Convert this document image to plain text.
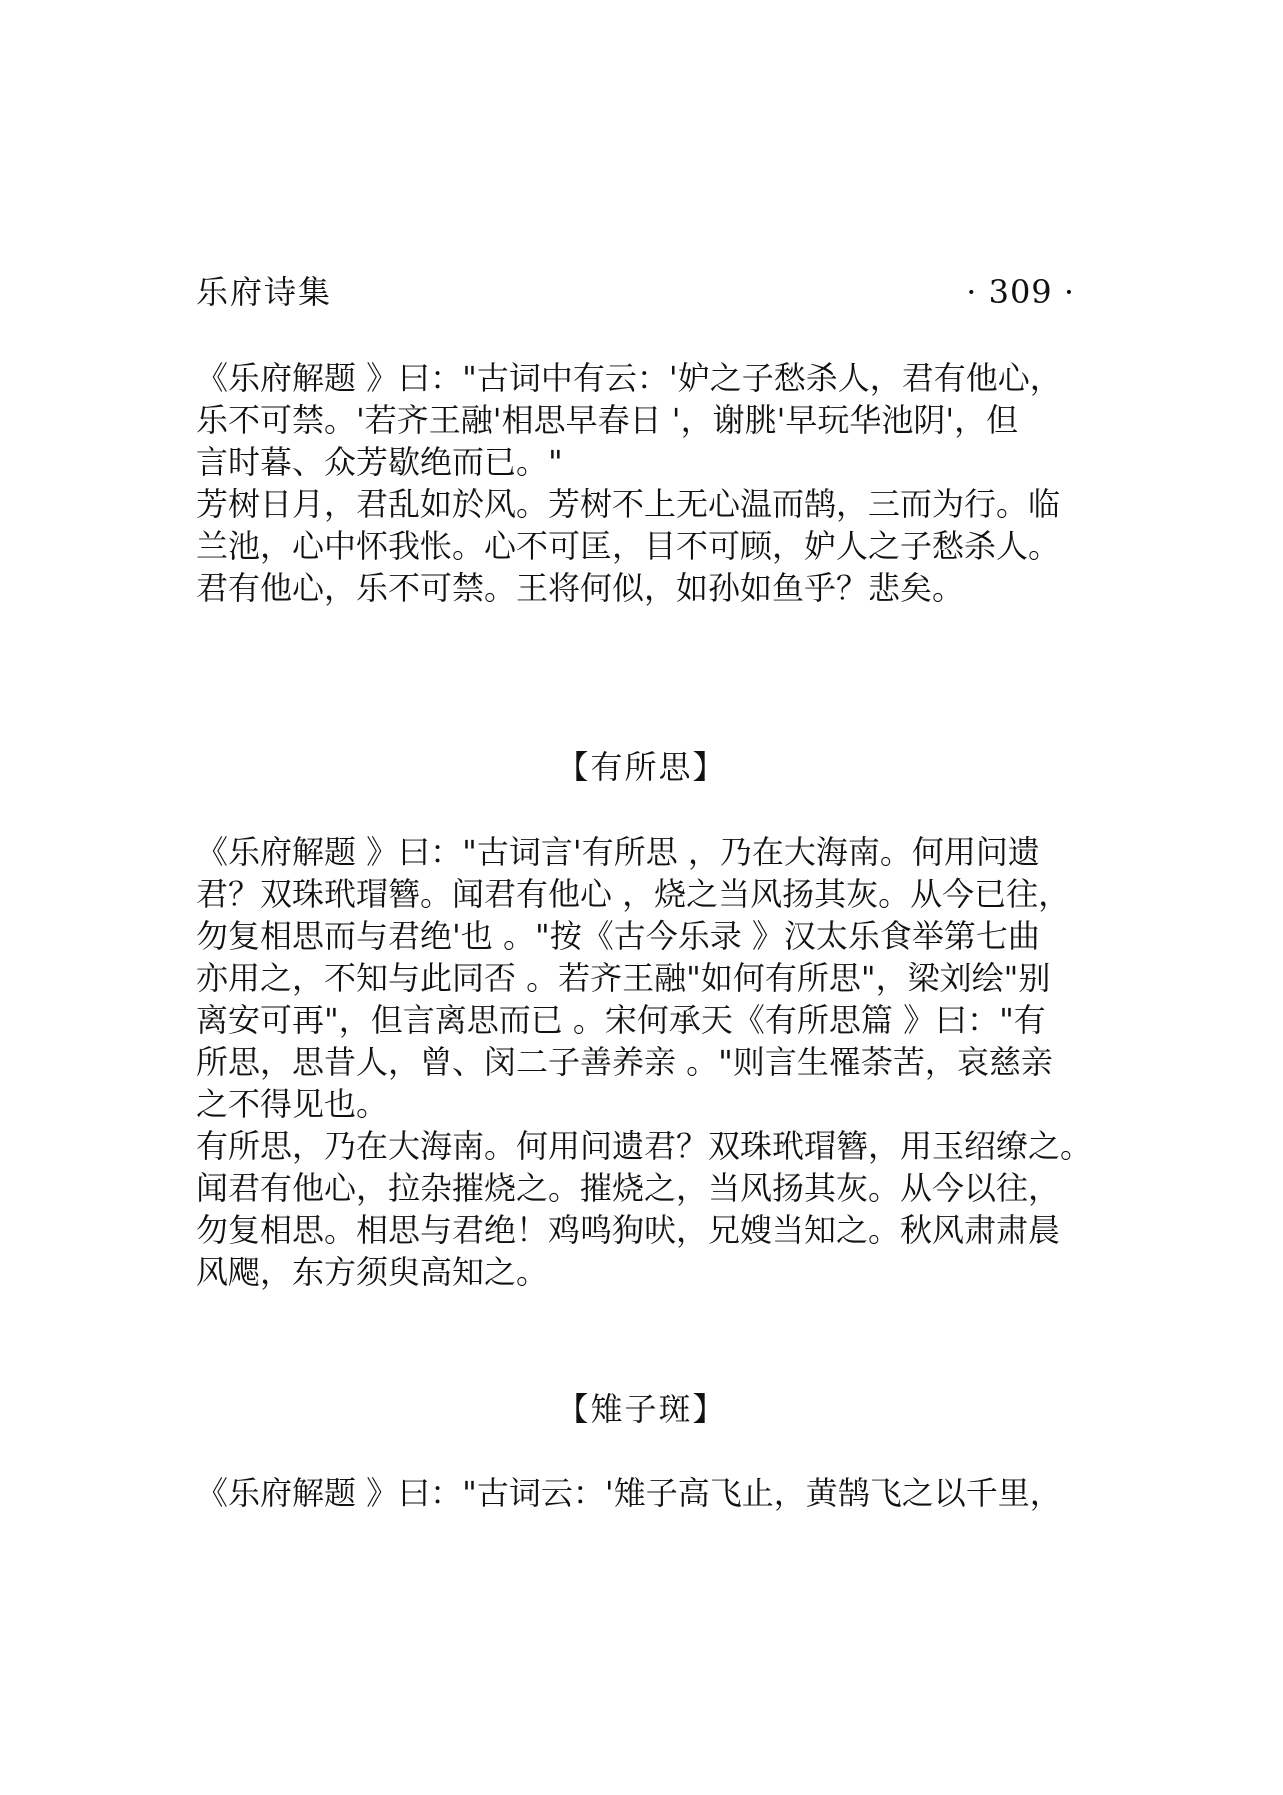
乐府诗集	· 309 ·
《乐府解题 》曰："古词中有云：'妒之子愁杀人，君有他心，
乐不可禁。'若齐王融'相思早春日 '，谢朓'早玩华池阴'，但
言时暮、众芳歇绝而已。"
芳树日月，君乱如於风。芳树不上无心温而鹄，三而为行。临
兰池，心中怀我怅。心不可匡，目不可顾，妒人之子愁杀人。
君有他心，乐不可禁。王将何似，如孙如鱼乎？悲矣。
【有所思】
《乐府解题 》曰："古词言'有所思 ，乃在大海南。何用问遗
君？双珠玳瑁簪。闻君有他心 ，烧之当风扬其灰。从今已往，
勿复相思而与君绝'也 。"按《古今乐录 》汉太乐食举第七曲
亦用之，不知与此同否 。若齐王融"如何有所思"，梁刘绘"别
离安可再"，但言离思而已 。宋何承天《有所思篇 》曰："有
所思，思昔人，曾、闵二子善养亲 。"则言生罹荼苦，哀慈亲
之不得见也。
有所思，乃在大海南。何用问遗君？双珠玳瑁簪，用玉绍缭之。
闻君有他心，拉杂摧烧之。摧烧之，当风扬其灰。从今以往，
勿复相思。相思与君绝！鸡鸣狗吠，兄嫂当知之。秋风肃肃晨
风飔，东方须臾高知之。
【雉子斑】
《乐府解题 》曰："古词云：'雉子高飞止，黄鹄飞之以千里，
